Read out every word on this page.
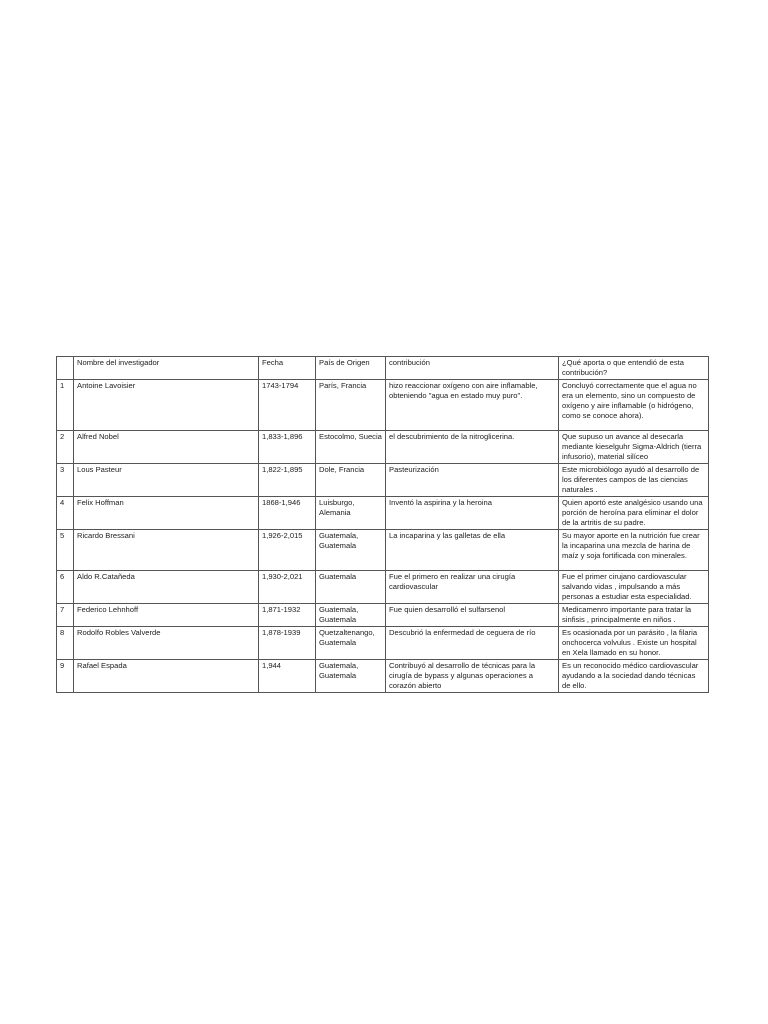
	Nombre del investigador	Fecha	País de Origen	contribución	¿Qué aporta o que entendió de esta contribución?
1	Antoine Lavoisier	1743-1794	París, Francia	hizo reaccionar oxígeno con aire inflamable, obteniendo "agua en estado muy puro".	Concluyó correctamente que el agua no era un elemento, sino un compuesto de oxígeno y aire inflamable (o hidrógeno, como se conoce ahora).
2	Alfred Nobel	1,833-1,896	Estocolmo, Suecia	el descubrimiento de la nitroglicerina.	Que supuso un avance al desecarla mediante kieselguhr Sigma-Aldrich (tierra infusorio), material silíceo
3	Lous Pasteur	1,822-1,895	Dole, Francia	Pasteurización	Este microbiólogo ayudó al desarrollo de los diferentes campos de las ciencias naturales .
4	Felix Hoffman	1868-1,946	Luisburgo, Alemania	Inventó la aspirina y la heroina	Quien aportó este analgésico usando una porción de heroína para eliminar el dolor de la artritis de su padre.
5	Ricardo Bressani	1,926-2,015	Guatemala, Guatemala	La incaparina y las galletas de ella	Su mayor aporte en la nutrición fue crear la incaparina una mezcla de harina de maíz y soja fortificada con minerales.
6	Aldo R.Catañeda	1,930-2,021	Guatemala	Fue el primero en realizar una cirugía cardiovascular	Fue el primer cirujano cardiovascular salvando vidas , impulsando a más personas a estudiar esta especialidad.
7	Federico Lehnhoff	1,871-1932	Guatemala, Guatemala	Fue quien desarrolló el sulfarsenol	Medicamenro importante para tratar la sinfisis , principalmente en niños .
8	Rodolfo Robles Valverde	1,878-1939	Quetzaltenango, Guatemala	Descubrió la enfermedad de ceguera de río	Es ocasionada por un parásito , la filaria onchocerca volvulus . Existe un hospital en Xela llamado en su honor.
9	Rafael Espada	1,944	Guatemala, Guatemala	Contribuyó al desarrollo de técnicas para la cirugía de bypass y algunas operaciones a corazón abierto	Es un reconocido médico cardiovascular ayudando a la sociedad dando técnicas de ello.
